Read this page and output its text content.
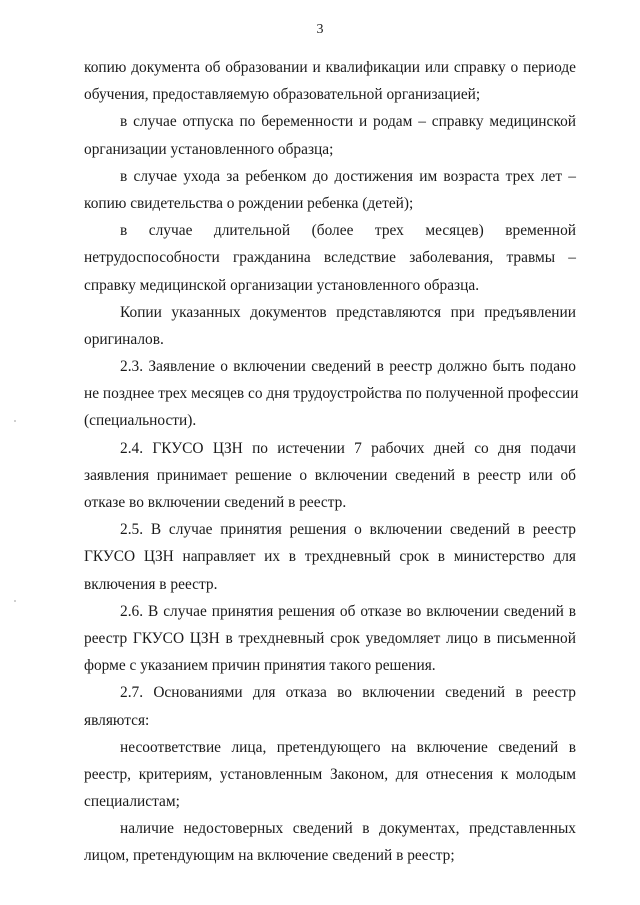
3
копию документа об образовании и квалификации или справку о периоде
обучения, предоставляемую образовательной организацией;
в случае отпуска по беременности и родам – справку медицинской
организации установленного образца;
в случае ухода за ребенком до достижения им возраста трех лет –
копию свидетельства о рождении ребенка (детей);
в случае длительной (более трех месяцев) временной
нетрудоспособности гражданина вследствие заболевания, травмы –
справку медицинской организации установленного образца.
Копии указанных документов представляются при предъявлении
оригиналов.
2.3. Заявление о включении сведений в реестр должно быть подано
не позднее трех месяцев со дня трудоустройства по полученной профессии
(специальности).
2.4. ГКУСО ЦЗН по истечении 7 рабочих дней со дня подачи
заявления принимает решение о включении сведений в реестр или об
отказе во включении сведений в реестр.
2.5. В случае принятия решения о включении сведений в реестр
ГКУСО ЦЗН направляет их в трехдневный срок в министерство для
включения в реестр.
2.6. В случае принятия решения об отказе во включении сведений в
реестр ГКУСО ЦЗН в трехдневный срок уведомляет лицо в письменной
форме с указанием причин принятия такого решения.
2.7. Основаниями для отказа во включении сведений в реестр
являются:
несоответствие лица, претендующего на включение сведений в
реестр, критериям, установленным Законом, для отнесения к молодым
специалистам;
наличие недостоверных сведений в документах, представленных
лицом, претендующим на включение сведений в реестр;
